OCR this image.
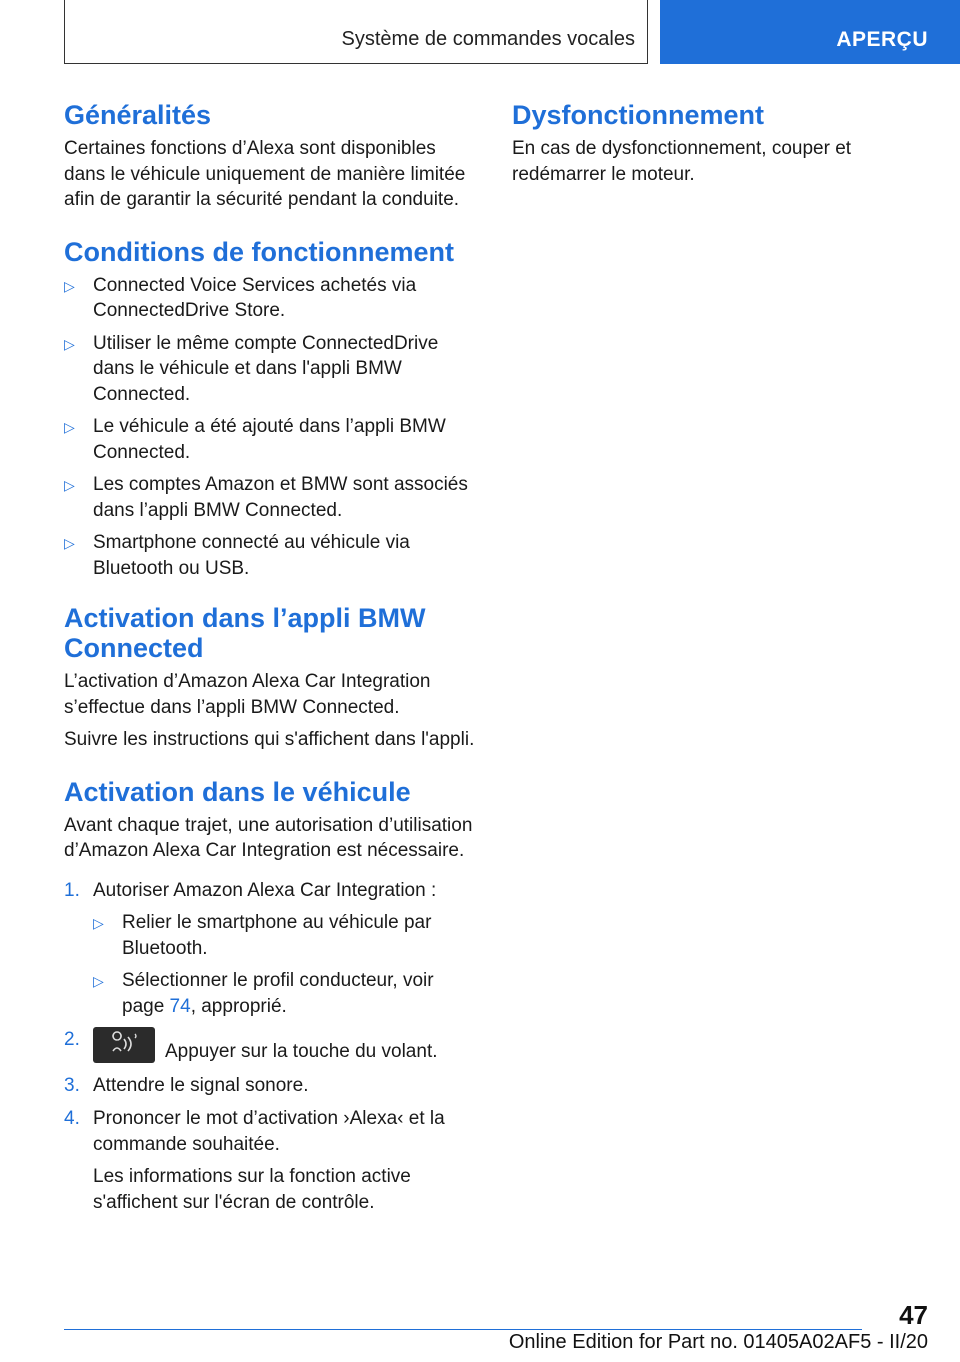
Système de commandes vocales	APERÇU
Généralités

Certaines fonctions d’Alexa sont disponibles dans le véhicule uniquement de manière limitée afin de garantir la sécurité pendant la conduite.

Conditions de fonctionnement
▷ Connected Voice Services achetés via ConnectedDrive Store.
▷ Utiliser le même compte ConnectedDrive dans le véhicule et dans l'appli BMW Connected.
▷ Le véhicule a été ajouté dans l’appli BMW Connected.
▷ Les comptes Amazon et BMW sont associés dans l’appli BMW Connected.
▷ Smartphone connecté au véhicule via Bluetooth ou USB.
Activation dans l’appli BMW Connected

L’activation d’Amazon Alexa Car Integration s’effectue dans l’appli BMW Connected.

Suivre les instructions qui s'affichent dans l'appli.

Activation dans le véhicule

Avant chaque trajet, une autorisation d’utilisation d’Amazon Alexa Car Integration est nécessaire.

1. Autoriser Amazon Alexa Car Integration :
▷ Relier le smartphone au véhicule par Bluetooth.
▷ Sélectionner le profil conducteur, voir page 74, approprié.
2.
Appuyer sur la touche du volant.
3. Attendre le signal sonore.
4. Prononcer le mot d’activation ›Alexa‹ et la commande souhaitée.

Les informations sur la fonction active s'affichent sur l'écran de contrôle.

Dysfonctionnement

En cas de dysfonctionnement, couper et redémarrer le moteur.

47
Online Edition for Part no. 01405A02AF5 - II/20
